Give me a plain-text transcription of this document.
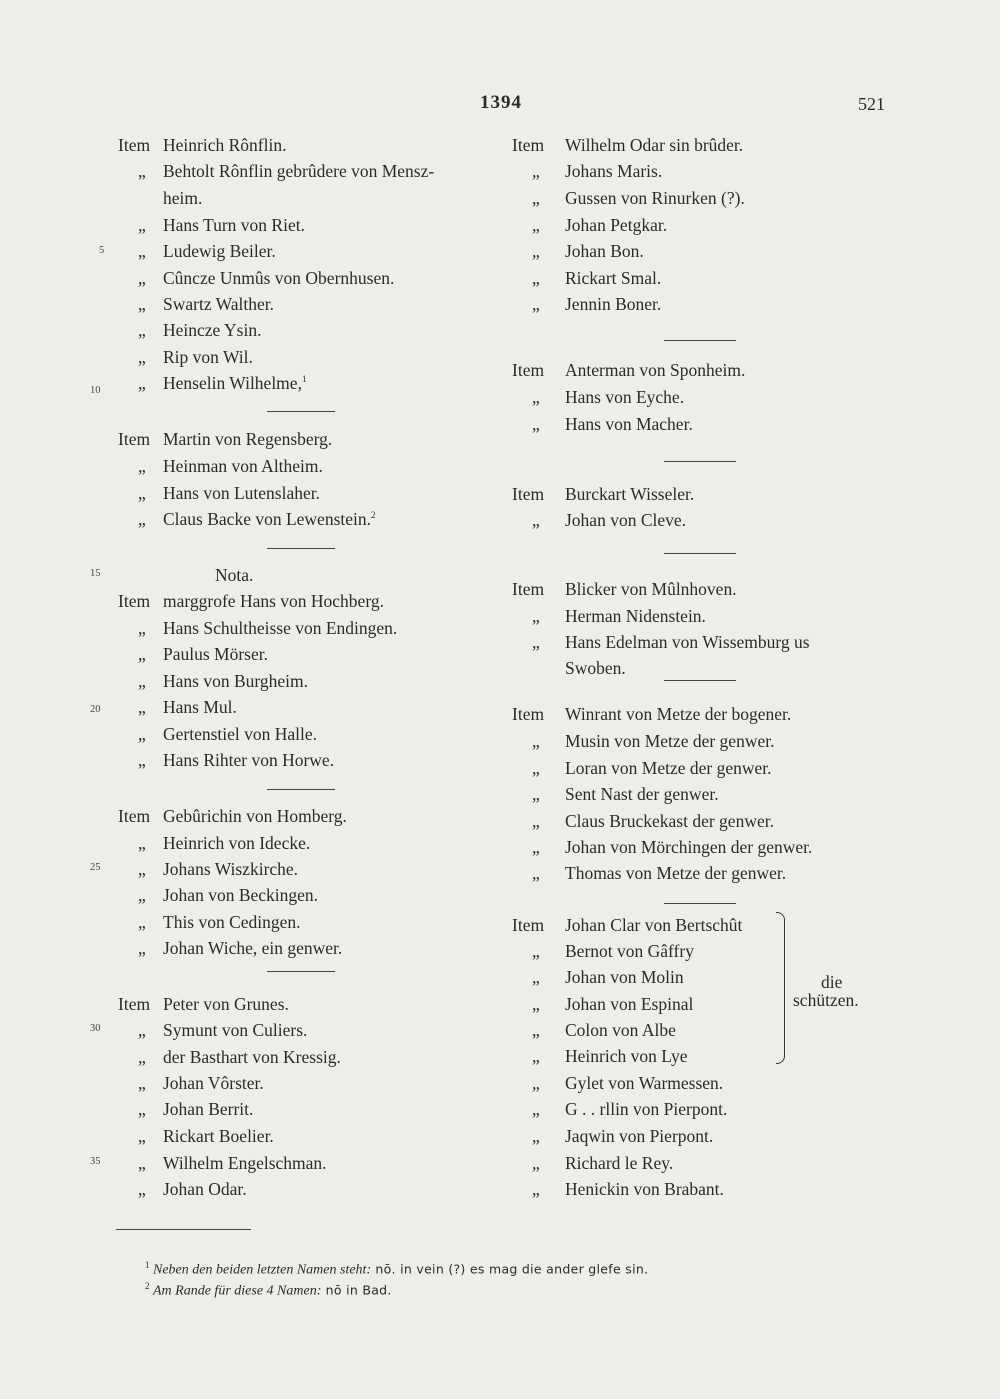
1394	521
Item Heinrich Rônflin.
„ Behtolt Rônflin gebrûdere von Mensz-
heim.
„ Hans Turn von Riet.
„ Ludewig Beiler.
„ Cûncze Unmûs von Obernhusen.
„ Swartz Walther.
„ Heincze Ysin.
„ Rip von Wil.
„ Henselin Wilhelme,$^1$
Item Martin von Regensberg.
„ Heinman von Altheim.
„ Hans von Lutenslaher.
„ Claus Backe von Lewenstein.$^2$
Nota.
Item marggrofe Hans von Hochberg.
„ Hans Schultheisse von Endingen.
„ Paulus Mörser.
„ Hans von Burgheim.
„ Hans Mul.
„ Gertenstiel von Halle.
„ Hans Rihter von Horwe.
Item Gebûrichin von Homberg.
„ Heinrich von Idecke.
„ Johans Wiszkirche.
„ Johan von Beckingen.
„ This von Cedingen.
„ Johan Wiche, ein genwer.
Item Peter von Grunes.
„ Symunt von Culiers.
„ der Basthart von Kressig.
„ Johan Vôrster.
„ Johan Berrit.
„ Rickart Boelier.
„ Wilhelm Engelschman.
„ Johan Odar.
Item Wilhelm Odar sin brûder.
„ Johans Maris.
„ Gussen von Rinurken (?).
„ Johan Petgkar.
„ Johan Bon.
„ Rickart Smal.
„ Jennin Boner.
Item Anterman von Sponheim.
„ Hans von Eyche.
„ Hans von Macher.
Item Burckart Wisseler.
„ Johan von Cleve.
Item Blicker von Mûlnhoven.
„ Herman Nidenstein.
„ Hans Edelman von Wissemburg us
Swoben.
Item Winrant von Metze der bogener.
„ Musin von Metze der genwer.
„ Loran von Metze der genwer.
„ Sent Nast der genwer.
„ Claus Bruckekast der genwer.
„ Johan von Mörchingen der genwer.
„ Thomas von Metze der genwer.
Item Johan Clar von Bertschût
„ Bernot von Gâffry
„ Johan von Molin
„ Johan von Espinal
„ Colon von Albe
„ Heinrich von Lye
„ Gylet von Warmessen.
„ G . . rllin von Pierpont.
„ Jaqwin von Pierpont.
„ Richard le Rey.
„ Henickin von Brabant.
5
10
15
20
25
30
35
die
schützen.
$^1$ Neben den beiden letzten Namen steht: nō. in vein (?) es mag die ander glefe sin.
$^2$ Am Rande für diese 4 Namen: nō in Bad.
